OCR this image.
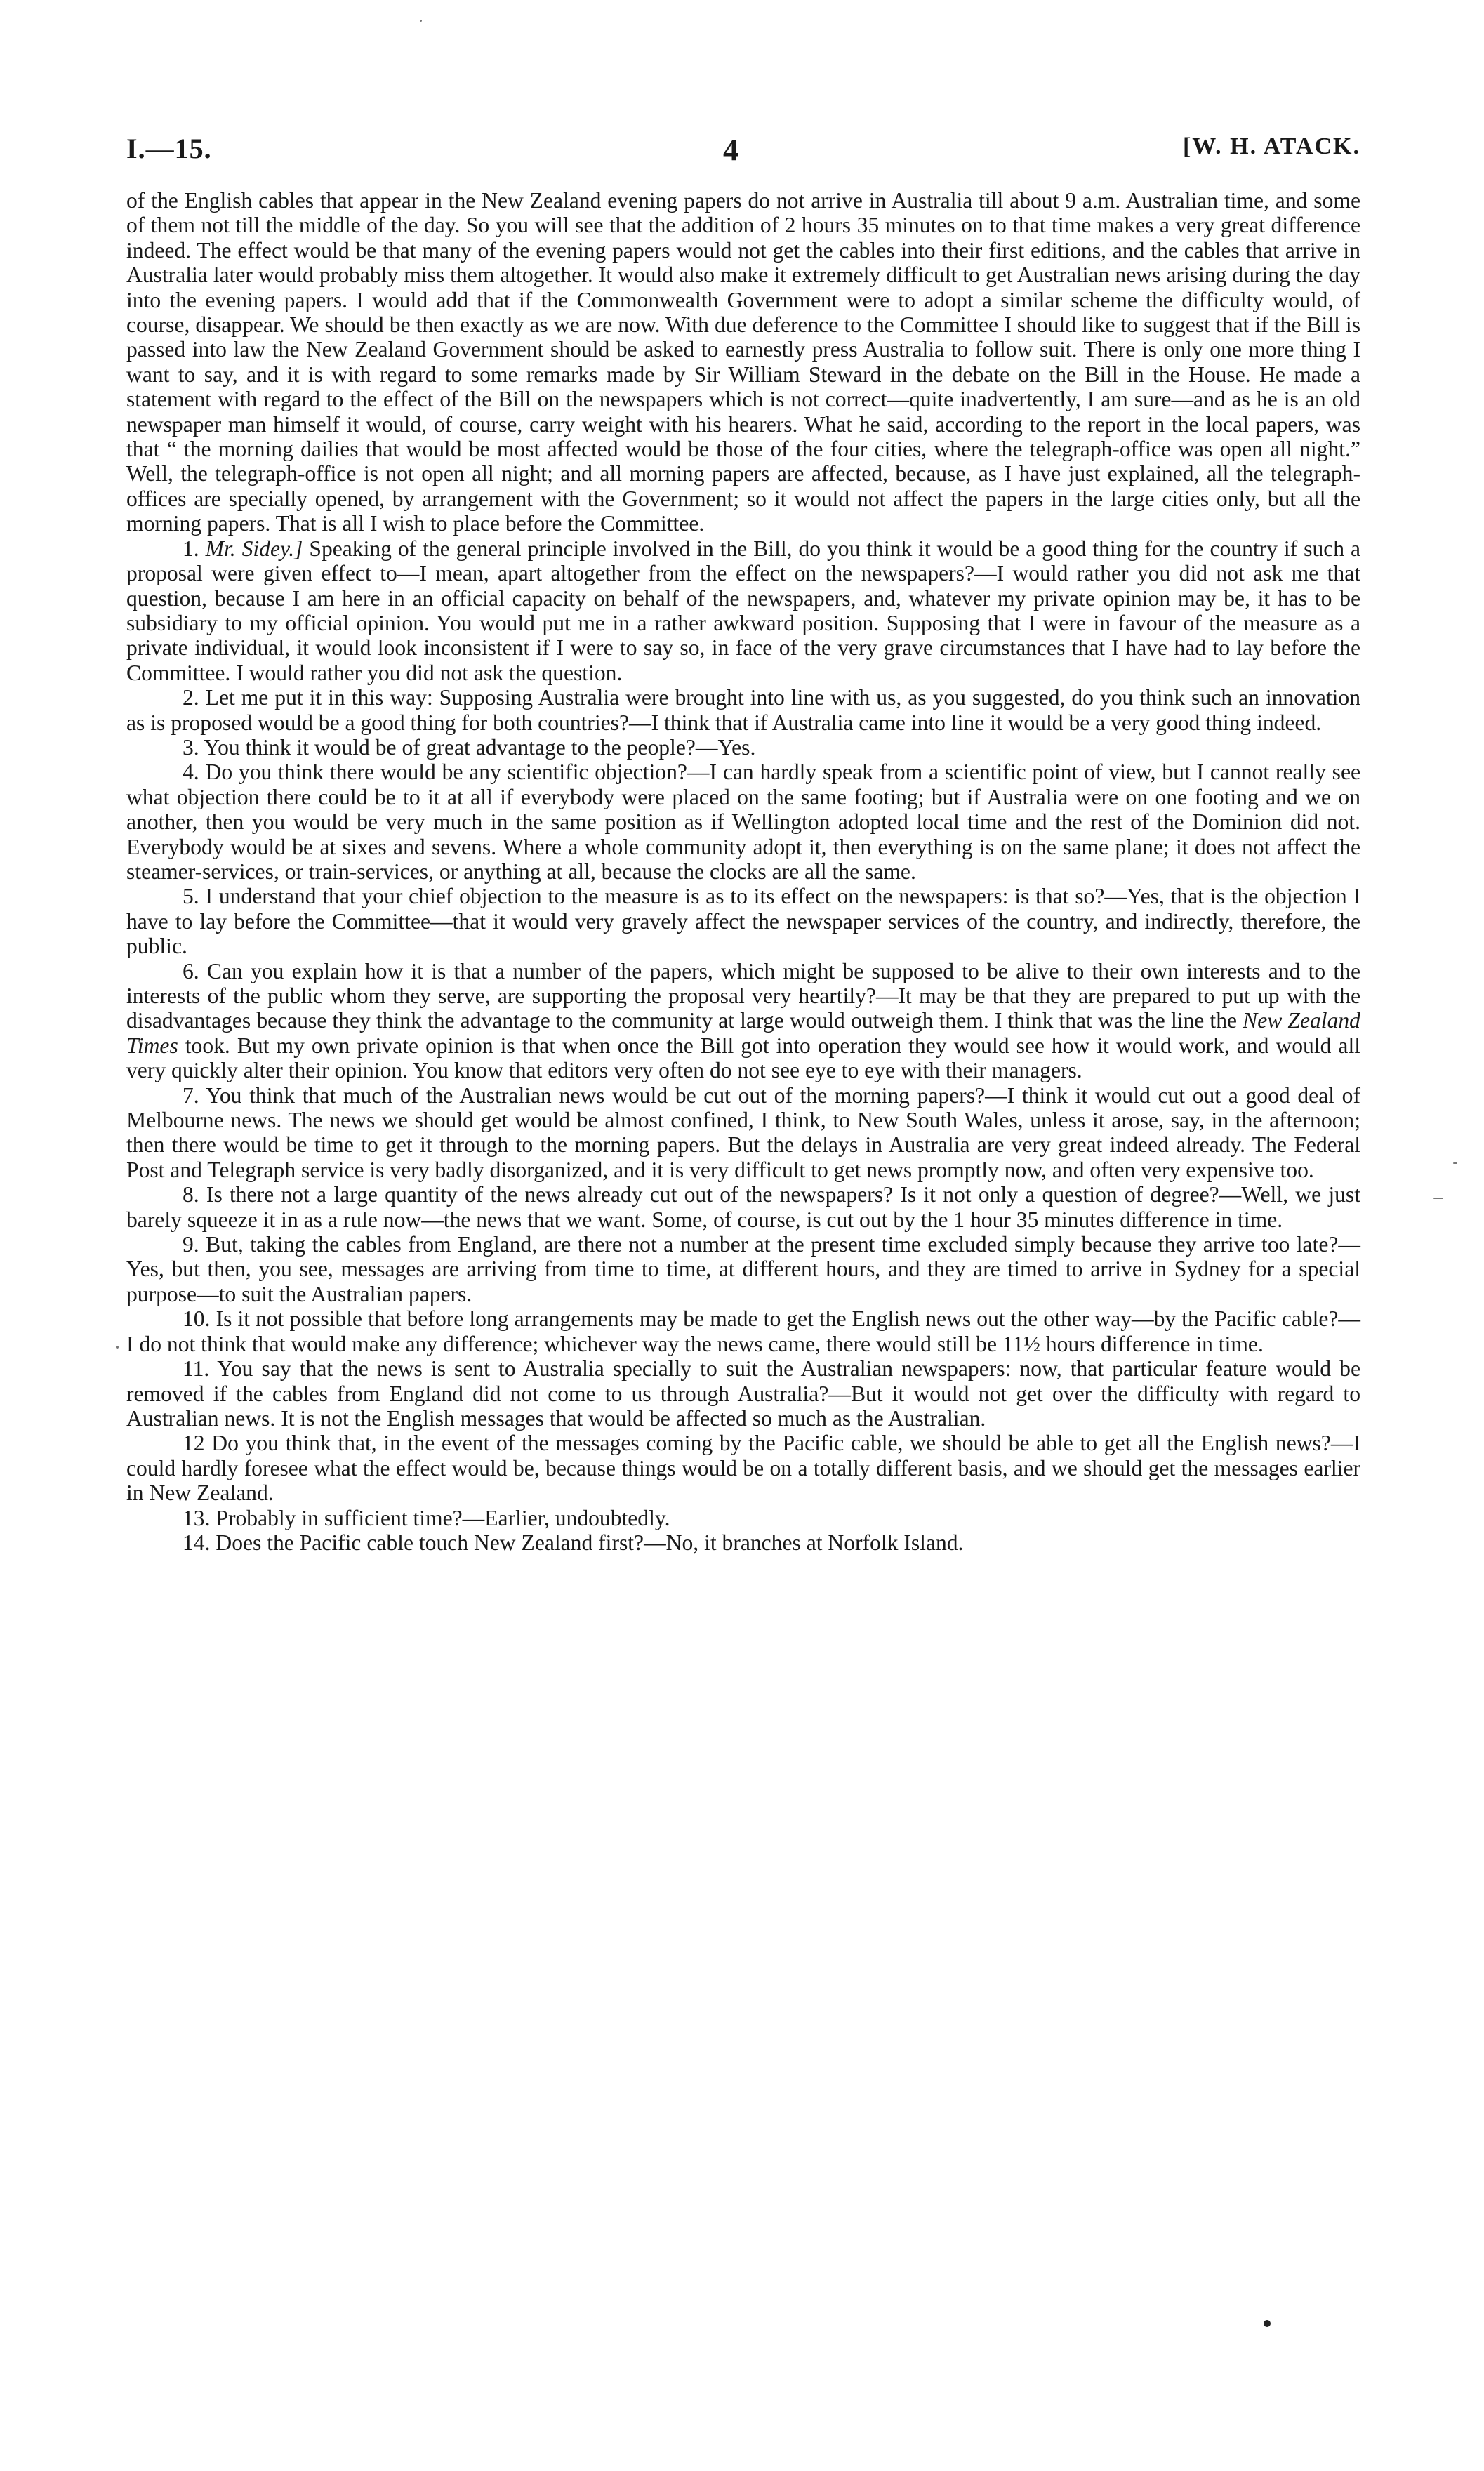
I.—15.	4	[W. H. ATACK.

of the English cables that appear in the New Zealand evening papers do not arrive in Australia till about 9 a.m. Australian time, and some of them not till the middle of the day. So you will see that the addition of 2 hours 35 minutes on to that time makes a very great difference indeed. The effect would be that many of the evening papers would not get the cables into their first editions, and the cables that arrive in Australia later would probably miss them altogether. It would also make it extremely difficult to get Australian news arising during the day into the evening papers. I would add that if the Commonwealth Government were to adopt a similar scheme the difficulty would, of course, disappear. We should be then exactly as we are now. With due deference to the Committee I should like to suggest that if the Bill is passed into law the New Zealand Government should be asked to earnestly press Australia to follow suit. There is only one more thing I want to say, and it is with regard to some remarks made by Sir William Steward in the debate on the Bill in the House. He made a statement with regard to the effect of the Bill on the newspapers which is not correct—quite inadvertently, I am sure—and as he is an old newspaper man himself it would, of course, carry weight with his hearers. What he said, according to the report in the local papers, was that “ the morning dailies that would be most affected would be those of the four cities, where the telegraph-office was open all night.” Well, the telegraph-office is not open all night; and all morning papers are affected, because, as I have just explained, all the telegraph-offices are specially opened, by arrangement with the Government; so it would not affect the papers in the large cities only, but all the morning papers. That is all I wish to place before the Committee.

1. Mr. Sidey.] Speaking of the general principle involved in the Bill, do you think it would be a good thing for the country if such a proposal were given effect to—I mean, apart altogether from the effect on the newspapers?—I would rather you did not ask me that question, because I am here in an official capacity on behalf of the newspapers, and, whatever my private opinion may be, it has to be subsidiary to my official opinion. You would put me in a rather awkward position. Supposing that I were in favour of the measure as a private individual, it would look inconsistent if I were to say so, in face of the very grave circumstances that I have had to lay before the Committee. I would rather you did not ask the question.

2. Let me put it in this way: Supposing Australia were brought into line with us, as you suggested, do you think such an innovation as is proposed would be a good thing for both countries?—I think that if Australia came into line it would be a very good thing indeed.

3. You think it would be of great advantage to the people?—Yes.

4. Do you think there would be any scientific objection?—I can hardly speak from a scientific point of view, but I cannot really see what objection there could be to it at all if everybody were placed on the same footing; but if Australia were on one footing and we on another, then you would be very much in the same position as if Wellington adopted local time and the rest of the Dominion did not. Everybody would be at sixes and sevens. Where a whole community adopt it, then everything is on the same plane; it does not affect the steamer-services, or train-services, or anything at all, because the clocks are all the same.

5. I understand that your chief objection to the measure is as to its effect on the newspapers: is that so?—Yes, that is the objection I have to lay before the Committee—that it would very gravely affect the newspaper services of the country, and indirectly, therefore, the public.

6. Can you explain how it is that a number of the papers, which might be supposed to be alive to their own interests and to the interests of the public whom they serve, are supporting the proposal very heartily?—It may be that they are prepared to put up with the disadvantages because they think the advantage to the community at large would outweigh them. I think that was the line the New Zealand Times took. But my own private opinion is that when once the Bill got into operation they would see how it would work, and would all very quickly alter their opinion. You know that editors very often do not see eye to eye with their managers.

7. You think that much of the Australian news would be cut out of the morning papers?—I think it would cut out a good deal of Melbourne news. The news we should get would be almost confined, I think, to New South Wales, unless it arose, say, in the afternoon; then there would be time to get it through to the morning papers. But the delays in Australia are very great indeed already. The Federal Post and Telegraph service is very badly disorganized, and it is very difficult to get news promptly now, and often very expensive too.

8. Is there not a large quantity of the news already cut out of the newspapers? Is it not only a question of degree?—Well, we just barely squeeze it in as a rule now—the news that we want. Some, of course, is cut out by the 1 hour 35 minutes difference in time.

9. But, taking the cables from England, are there not a number at the present time excluded simply because they arrive too late?—Yes, but then, you see, messages are arriving from time to time, at different hours, and they are timed to arrive in Sydney for a special purpose—to suit the Australian papers.

10. Is it not possible that before long arrangements may be made to get the English news out the other way—by the Pacific cable?—I do not think that would make any difference; whichever way the news came, there would still be 11½ hours difference in time.

11. You say that the news is sent to Australia specially to suit the Australian newspapers: now, that particular feature would be removed if the cables from England did not come to us through Australia?—But it would not get over the difficulty with regard to Australian news. It is not the English messages that would be affected so much as the Australian.

12 Do you think that, in the event of the messages coming by the Pacific cable, we should be able to get all the English news?—I could hardly foresee what the effect would be, because things would be on a totally different basis, and we should get the messages earlier in New Zealand.

13. Probably in sufficient time?—Earlier, undoubtedly.

14. Does the Pacific cable touch New Zealand first?—No, it branches at Norfolk Island.
